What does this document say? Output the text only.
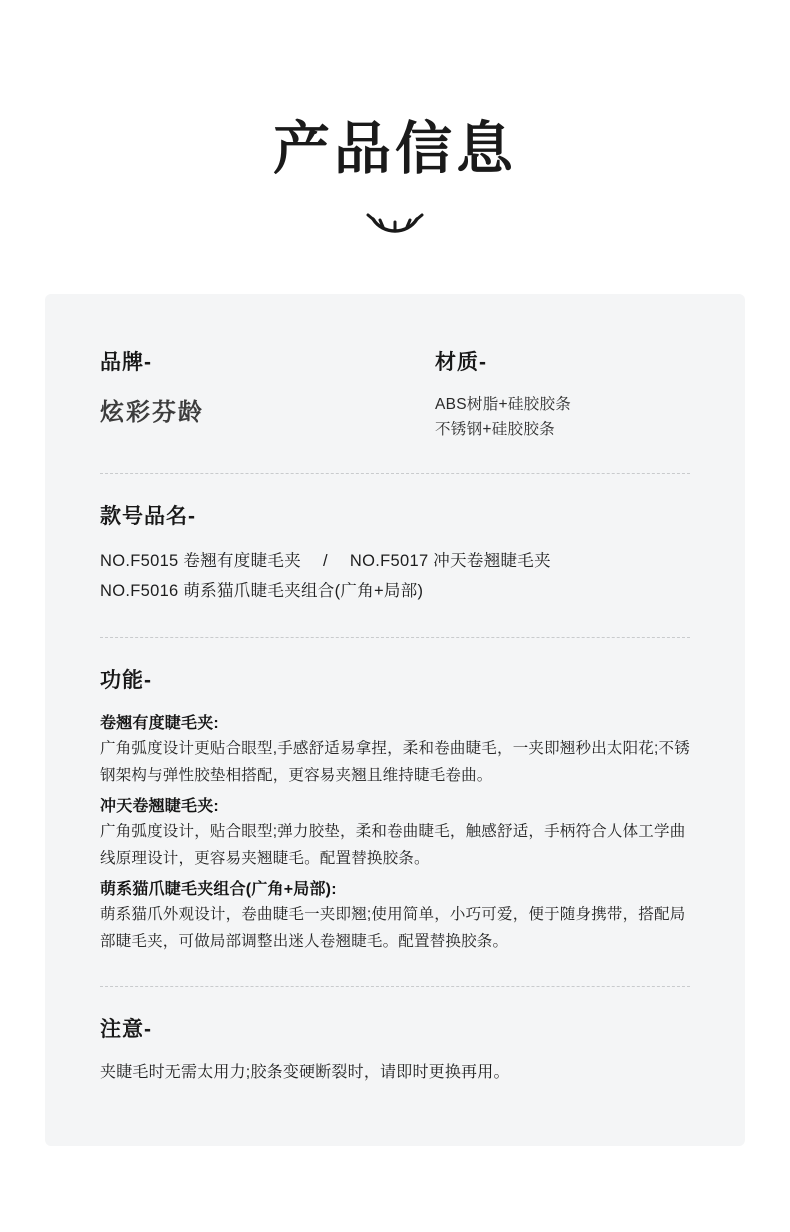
产品信息

品牌-

炫彩芬龄

材质-

ABS树脂+硅胶胶条

不锈钢+硅胶胶条

款号品名-

NO.F5015 卷翘有度睫毛夹 / NO.F5017 冲天卷翘睫毛夹

NO.F5016 萌系猫爪睫毛夹组合(广角+局部)

功能-

卷翘有度睫毛夹:

广角弧度设计更贴合眼型,手感舒适易拿捏，柔和卷曲睫毛，一夹即翘秒出太阳花;不锈钢架构与弹性胶垫相搭配，更容易夹翘且维持睫毛卷曲。

冲天卷翘睫毛夹:

广角弧度设计，贴合眼型;弹力胶垫，柔和卷曲睫毛，触感舒适，手柄符合人体工学曲线原理设计，更容易夹翘睫毛。配置替换胶条。

萌系猫爪睫毛夹组合(广角+局部):

萌系猫爪外观设计，卷曲睫毛一夹即翘;使用简单，小巧可爱，便于随身携带，搭配局部睫毛夹，可做局部调整出迷人卷翘睫毛。配置替换胶条。

注意-

夹睫毛时无需太用力;胶条变硬断裂时，请即时更换再用。
